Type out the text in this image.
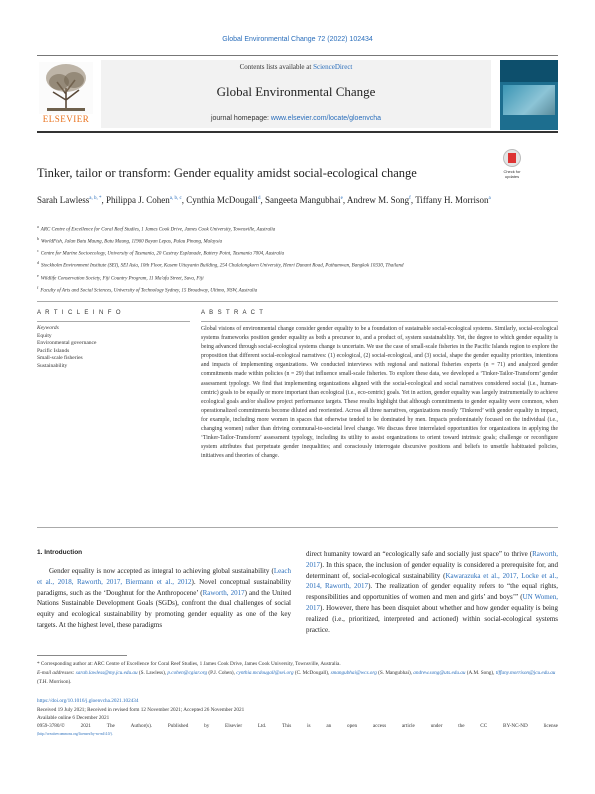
Global Environmental Change 72 (2022) 102434
ELSEVIER
Contents lists available at ScienceDirect
Global Environmental Change
journal homepage: www.elsevier.com/locate/gloenvcha
Tinker, tailor or transform: Gender equality amidst social-ecological change	Check for updates
Sarah Lawless$^{a, b, *}$, Philippa J. Cohen$^{a, b, c}$, Cynthia McDougall$^d$, Sangeeta Mangubhai$^e$, Andrew M. Song$^f$, Tiffany H. Morrison$^a$
$^a$ARC Centre of Excellence for Coral Reef Studies, 1 James Cook Drive, James Cook University, Townsville, Australia
$^b$WorldFish, Jalan Batu Maung, Batu Maung, 11960 Bayan Lepas, Pulau Pinang, Malaysia
$^c$Centre for Marine Socioecology, University of Tasmania, 20 Castray Esplanade, Battery Point, Tasmania 7004, Australia
$^d$Stockholm Environment Institute (SEI), SEI Asia, 10th Floor, Kasem Uttayanin Building, 254 Chulalongkorn University, Henri Dunant Road, Pathumwan, Bangkok 10330, Thailand
$^e$Wildlife Conservation Society, Fiji Country Program, 11 Ma'afu Street, Suva, Fiji
$^f$Faculty of Arts and Social Sciences, University of Technology Sydney, 15 Broadway, Ultimo, NSW, Australia
A R T I C L E I N F O	A B S T R A C T
Keywords
Equity
Environmental governance
Pacific Islands
Small-scale fisheries
Sustainability
Global visions of environmental change consider gender equality to be a foundation of sustainable social-ecological systems. Similarly, social-ecological systems frameworks position gender equality as both a precursor to, and a product of, system sustainability. Yet, the degree to which gender equality is being advanced through social-ecological systems change is uncertain. We use the case of small-scale fisheries in the Pacific Islands region to explore the proposition that different social-ecological narratives: (1) ecological, (2) social-ecological, and (3) social, shape the gender equality priorities, intentions and impacts of implementing organizations. We conducted interviews with regional and national fisheries experts (n = 71) and analyzed gender commitments made within policies (n = 29) that influence small-scale fisheries. To explore these data, we developed a ‘Tinker-Tailor-Transform’ gender assessment typology. We find that implementing organizations aligned with the social-ecological and social narratives considered social (i.e., human-centric) goals to be equally or more important than ecological (i.e., eco-centric) goals. Yet in action, gender equality was largely instrumentally to achieve ecological goals and/or shallow project performance targets. These results highlight that although commitments to gender equality were common, when operationalized commitments become diluted and reoriented. Across all three narratives, organizations mostly ‘Tinkered’ with gender equality in impact, for example, including more women in spaces that otherwise tended to be dominated by men. Impacts predominately focused on the individual (i.e., changing women) rather than driving communal-to-societal level change. We discuss three interrelated opportunities for organizations in applying the ‘Tinker-Tailor-Transform’ assessment typology, including its utility to assist organizations to orient toward intrinsic goals; challenge or reconfigure system attributes that perpetuate gender inequalities; and consciously interrogate discursive positions and beliefs to unsettle habituated policies, initiatives and theories of change.
1. Introduction
Gender equality is now accepted as integral to achieving global sustainability (Leach et al., 2018, Raworth, 2017, Biermann et al., 2012). Novel conceptual sustainability paradigms, such as the ‘Doughnut for the Anthropocene’ (Raworth, 2017) and the United Nations Sustainable Development Goals (SGDs), confront the dual challenges of social equity and ecological sustainability by promoting gender equality as one of the key targets. At the highest level, these paradigms
direct humanity toward an “ecologically safe and socially just space” to thrive (Raworth, 2017). In this space, the inclusion of gender equality is considered a prerequisite for, and determinant of, social-ecological sustainability (Kawarazuka et al., 2017, Locke et al., 2014, Raworth, 2017). The realization of gender equality refers to “the equal rights, responsibilities and opportunities of women and men and girls’ and boys’” (UN Women, 2017). However, there has been disquiet about whether and how gender equality is being realized (i.e., prioritized, interpreted and actioned) within social-ecological systems practice.
* Corresponding author at: ARC Centre of Excellence for Coral Reef Studies, 1 James Cook Drive, James Cook University, Townsville, Australia.
E-mail addresses: sarah.lawless@my.jcu.edu.au (S. Lawless), p.cohen@cgiar.org (P.J. Cohen), cynthia.mcdougall@sei.org (C. McDougall), smangubhai@wcs.org (S. Mangubhai), andrew.song@uts.edu.au (A.M. Song), tiffany.morrison@jcu.edu.au (T.H. Morrison).
https://doi.org/10.1016/j.gloenvcha.2021.102434
Received 19 July 2021; Received in revised form 12 November 2021; Accepted 26 November 2021
Available online 6 December 2021
0959-3780/©	2021	The	Author(s).	Published	by	Elsevier	Ltd.	This	is	an	open	access	article	under	the	CC	BY-NC-ND	license
(http://creativecommons.org/licenses/by-nc-nd/4.0/).
